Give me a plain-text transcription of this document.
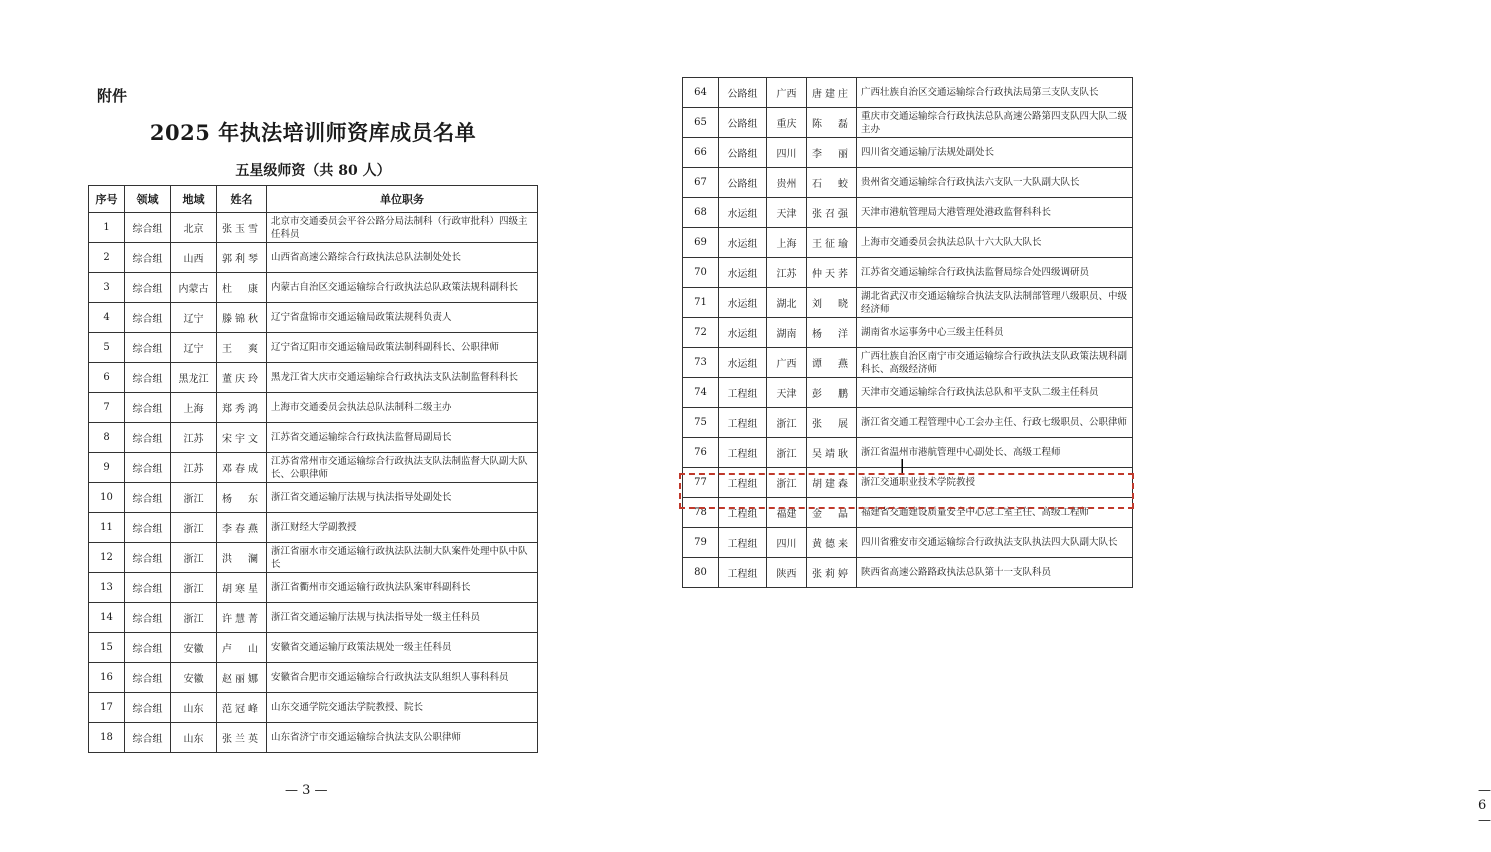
附件
2025 年执法培训师资库成员名单
五星级师资（共 80 人）
序号	领域	地域	姓名	单位职务
1	综合组	北京	张玉雪	北京市交通委员会平谷公路分局法制科（行政审批科）四级主任科员
2	综合组	山西	郭利琴	山西省高速公路综合行政执法总队法制处处长
3	综合组	内蒙古	杜　康	内蒙古自治区交通运输综合行政执法总队政策法规科副科长
4	综合组	辽宁	滕锦秋	辽宁省盘锦市交通运输局政策法规科负责人
5	综合组	辽宁	王　爽	辽宁省辽阳市交通运输局政策法制科副科长、公职律师
6	综合组	黑龙江	董庆玲	黑龙江省大庆市交通运输综合行政执法支队法制监督科科长
7	综合组	上海	郑秀鸿	上海市交通委员会执法总队法制科二级主办
8	综合组	江苏	宋宇文	江苏省交通运输综合行政执法监督局副局长
9	综合组	江苏	邓春成	江苏省常州市交通运输综合行政执法支队法制监督大队副大队长、公职律师
10	综合组	浙江	杨　东	浙江省交通运输厅法规与执法指导处副处长
11	综合组	浙江	李春燕	浙江财经大学副教授
12	综合组	浙江	洪　澜	浙江省丽水市交通运输行政执法队法制大队案件处理中队中队长
13	综合组	浙江	胡寒星	浙江省衢州市交通运输行政执法队案审科副科长
14	综合组	浙江	许慧菁	浙江省交通运输厅法规与执法指导处一级主任科员
15	综合组	安徽	卢　山	安徽省交通运输厅政策法规处一级主任科员
16	综合组	安徽	赵丽娜	安徽省合肥市交通运输综合行政执法支队组织人事科科员
17	综合组	山东	范冠峰	山东交通学院交通法学院教授、院长
18	综合组	山东	张兰英	山东省济宁市交通运输综合执法支队公职律师
— 3 —	— 6 —
64	公路组	广西	唐建庄	广西壮族自治区交通运输综合行政执法局第三支队支队长
65	公路组	重庆	陈　磊	重庆市交通运输综合行政执法总队高速公路第四支队四大队二级主办
66	公路组	四川	李　丽	四川省交通运输厅法规处副处长
67	公路组	贵州	石　蛟	贵州省交通运输综合行政执法六支队一大队副大队长
68	水运组	天津	张召强	天津市港航管理局大港管理处港政监督科科长
69	水运组	上海	王征瑜	上海市交通委员会执法总队十六大队大队长
70	水运组	江苏	仲天荞	江苏省交通运输综合行政执法监督局综合处四级调研员
71	水运组	湖北	刘　晓	湖北省武汉市交通运输综合执法支队法制部管理八级职员、中级经济师
72	水运组	湖南	杨　洋	湖南省水运事务中心三级主任科员
73	水运组	广西	谭　燕	广西壮族自治区南宁市交通运输综合行政执法支队政策法规科副科长、高级经济师
74	工程组	天津	彭　鹏	天津市交通运输综合行政执法总队和平支队二级主任科员
75	工程组	浙江	张　展	浙江省交通工程管理中心工会办主任、行政七级职员、公职律师
76	工程组	浙江	吴靖耿	浙江省温州市港航管理中心副处长、高级工程师
77	工程组	浙江	胡建森	浙江交通职业技术学院教授
78	工程组	福建	金　晶	福建省交通建设质量安全中心总工室主任、高级工程师
79	工程组	四川	黄德来	四川省雅安市交通运输综合行政执法支队执法四大队副大队长
80	工程组	陕西	张莉婷	陕西省高速公路路政执法总队第十一支队科员
